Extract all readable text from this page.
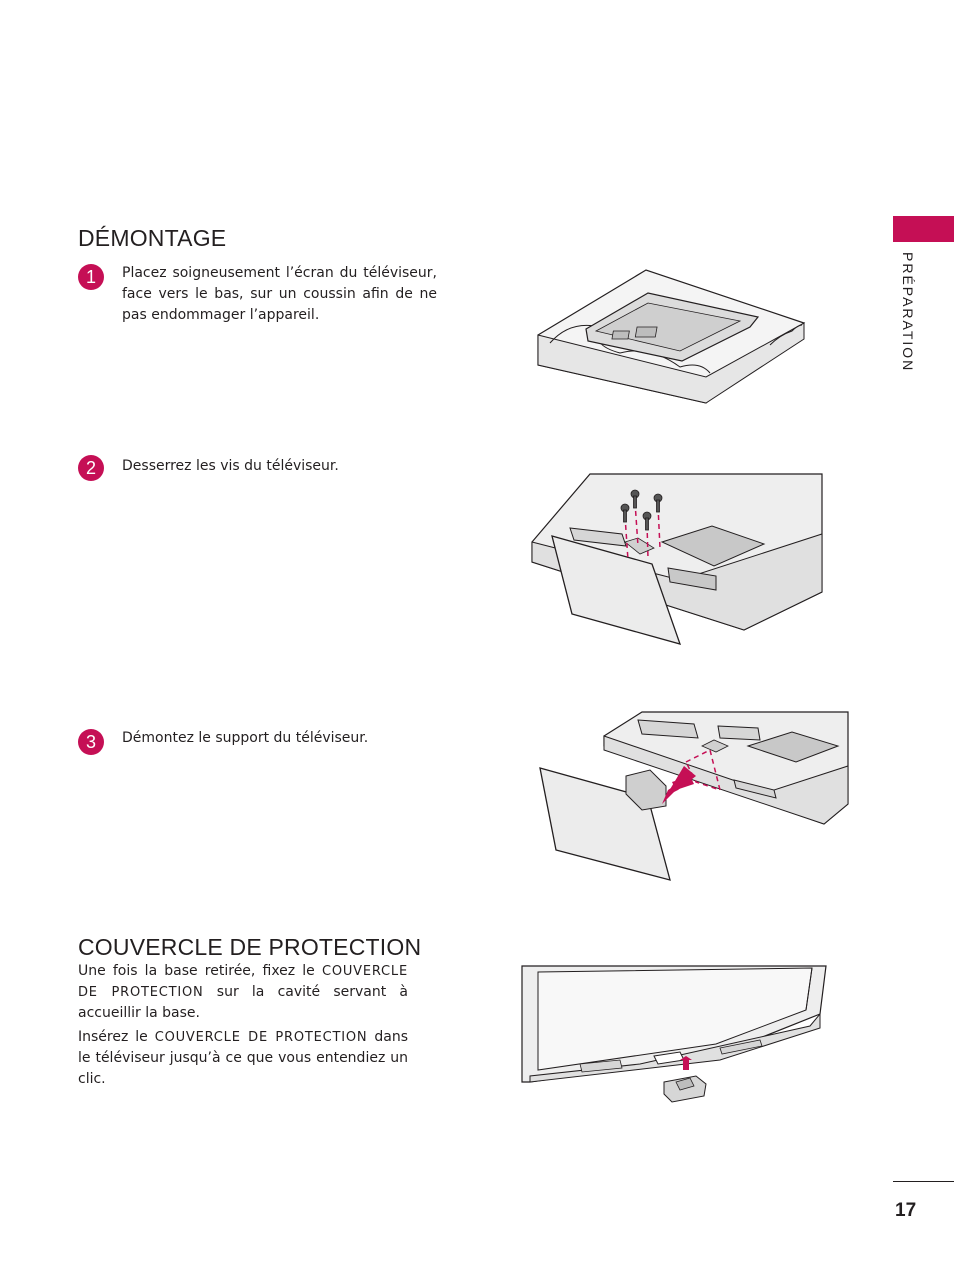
PRÉPARATION
DÉMONTAGE
1	Placez soigneusement l’écran du téléviseur, face vers le bas, sur un coussin afin de ne pas endommager l’appareil.
2	Desserrez les vis du téléviseur.
3	Démontez le support du téléviseur.
COUVERCLE DE PROTECTION
Une fois la base retirée, fixez le COUVERCLE DE PROTECTION sur la cavité servant à accueillir la base.
Insérez le COUVERCLE DE PROTECTION dans le téléviseur jusqu’à ce que vous entendiez un clic.
17
